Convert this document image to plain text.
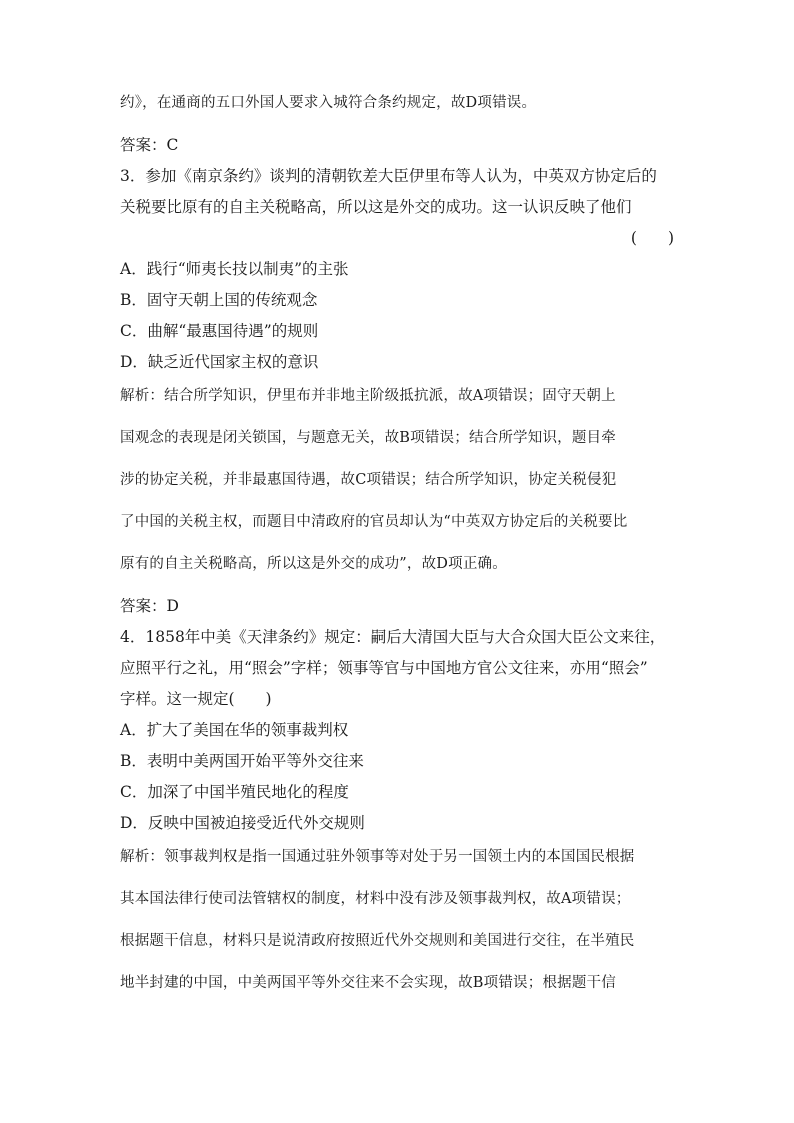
约》，在通商的五口外国人要求入城符合条约规定，故D项错误。
答案：C
3．参加《南京条约》谈判的清朝钦差大臣伊里布等人认为，中英双方协定后的
关税要比原有的自主关税略高，所以这是外交的成功。这一认识反映了他们
(　　)
A．践行“师夷长技以制夷”的主张
B．固守天朝上国的传统观念
C．曲解“最惠国待遇”的规则
D．缺乏近代国家主权的意识
解析：结合所学知识，伊里布并非地主阶级抵抗派，故A项错误；固守天朝上
国观念的表现是闭关锁国，与题意无关，故B项错误；结合所学知识，题目牵
涉的协定关税，并非最惠国待遇，故C项错误；结合所学知识，协定关税侵犯
了中国的关税主权，而题目中清政府的官员却认为“中英双方协定后的关税要比
原有的自主关税略高，所以这是外交的成功”，故D项正确。
答案：D
4．1858年中美《天津条约》规定：嗣后大清国大臣与大合众国大臣公文来往，
应照平行之礼，用“照会”字样；领事等官与中国地方官公文往来，亦用“照会”
字样。这一规定(　　)
A．扩大了美国在华的领事裁判权
B．表明中美两国开始平等外交往来
C．加深了中国半殖民地化的程度
D．反映中国被迫接受近代外交规则
解析：领事裁判权是指一国通过驻外领事等对处于另一国领土内的本国国民根据
其本国法律行使司法管辖权的制度，材料中没有涉及领事裁判权，故A项错误；
根据题干信息，材料只是说清政府按照近代外交规则和美国进行交往，在半殖民
地半封建的中国，中美两国平等外交往来不会实现，故B项错误；根据题干信
